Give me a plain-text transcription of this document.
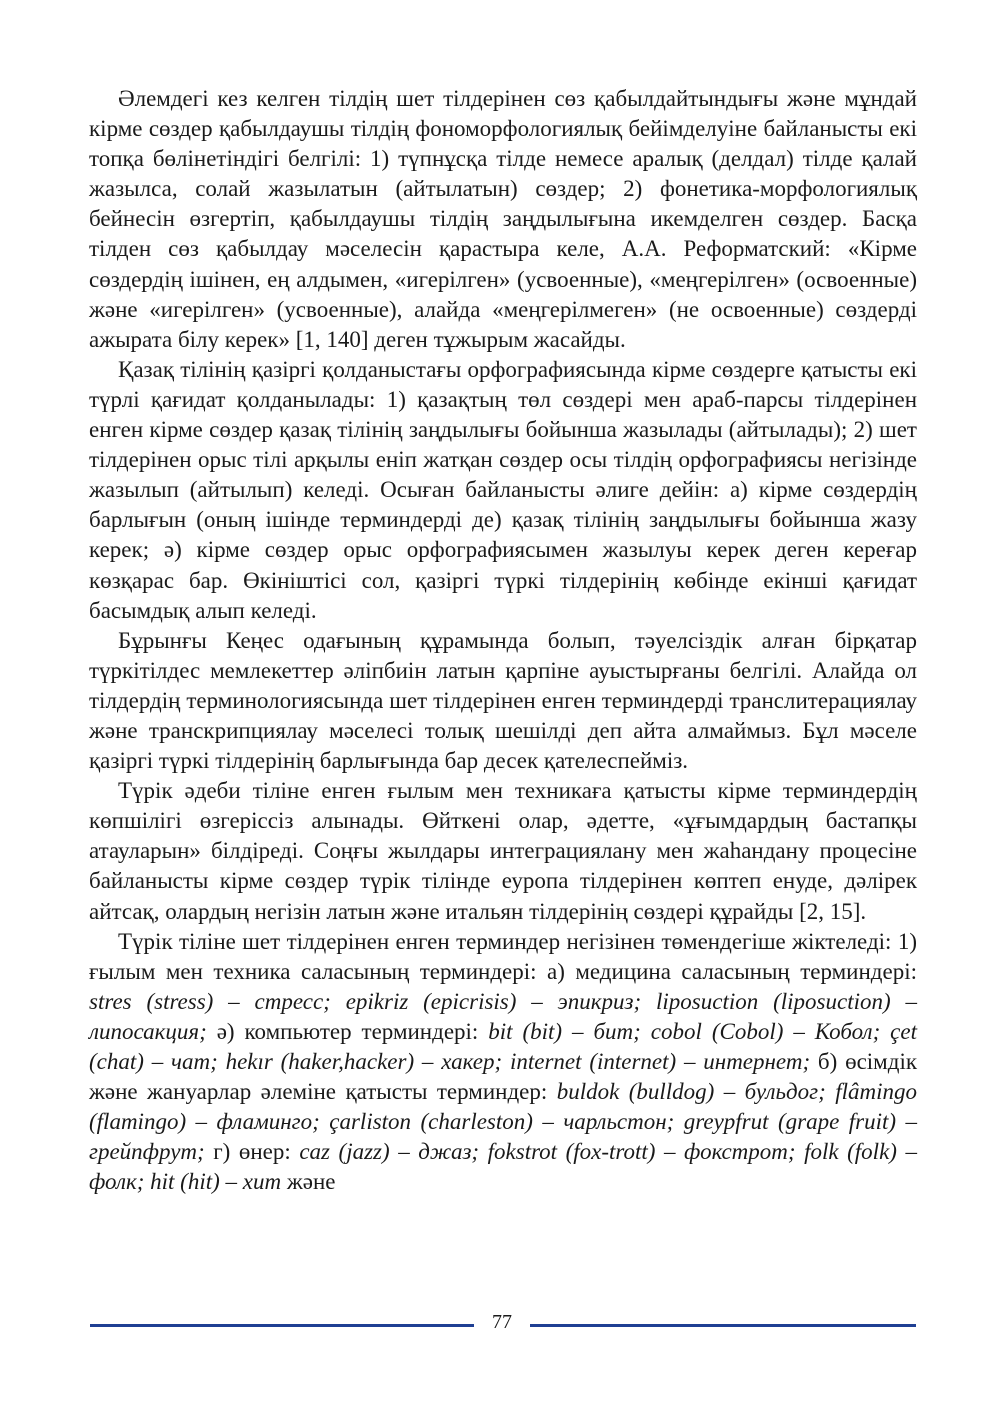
Әлемдегі кез келген тілдің шет тілдерінен сөз қабылдайтындығы және мұндай кірме сөздер қабылдаушы тілдің фономорфологиялық бейімделуіне байланысты екі топқа бөлінетіндігі белгілі: 1) түпнұсқа тілде немесе аралық (делдал) тілде қалай жазылса, солай жазылатын (айтылатын) сөздер; 2) фонетика-морфологиялық бейнесін өзгертіп, қабылдаушы тілдің заңдылығына икемделген сөздер. Басқа тілден сөз қабылдау мәселесін қарастыра келе, А.А. Реформатский: «Кірме сөздердің ішінен, ең алдымен, «игерілген» (усвоенные), «меңгерілген» (освоенные) және «игерілген» (усвоенные), алайда «меңгерілмеген» (не освоенные) сөздерді ажырата білу керек» [1, 140] деген тұжырым жасайды.

Қазақ тілінің қазіргі қолданыстағы орфографиясында кірме сөздерге қатысты екі түрлі қағидат қолданылады: 1) қазақтың төл сөздері мен араб-парсы тілдерінен енген кірме сөздер қазақ тілінің заңдылығы бойынша жазылады (айтылады); 2) шет тілдерінен орыс тілі арқылы еніп жатқан сөздер осы тілдің орфографиясы негізінде жазылып (айтылып) келеді. Осыған байланысты әлиге дейін: а) кірме сөздердің барлығын (оның ішінде терминдерді де) қазақ тілінің заңдылығы бойынша жазу керек; ә) кірме сөздер орыс орфографиясымен жазылуы керек деген кереғар көзқарас бар. Өкініштісі сол, қазіргі түркі тілдерінің көбінде екінші қағидат басымдық алып келеді.

Бұрынғы Кеңес одағының құрамында болып, тәуелсіздік алған бірқатар түркітілдес мемлекеттер әліпбиін латын қарпіне ауыстырғаны белгілі. Алайда ол тілдердің терминологиясында шет тілдерінен енген терминдерді транслитерациялау және транскрипциялау мәселесі толық шешілді деп айта алмаймыз. Бұл мәселе қазіргі түркі тілдерінің барлығында бар десек қателеспейміз.

Түрік әдеби тіліне енген ғылым мен техникаға қатысты кірме терминдердің көпшілігі өзгеріссіз алынады. Өйткені олар, әдетте, «ұғымдардың бастапқы атауларын» білдіреді. Соңғы жылдары интеграциялану мен жаһандану процесіне байланысты кірме сөздер түрік тілінде еуропа тілдерінен көптеп енуде, дәлірек айтсақ, олардың негізін латын және итальян тілдерінің сөздері құрайды [2, 15].

Түрік тіліне шет тілдерінен енген терминдер негізінен төмендегіше жіктеледі: 1) ғылым мен техника саласының терминдері: а) медицина саласының терминдері: stres (stress) – стресс; epikriz (epicrisis) – эпикриз; liposuction (liposuction) – липосакция; ә) компьютер терминдері: bit (bit) – бит; cobol (Cobol) – Кобол; çet (chat) – чат; hekır (haker,hacker) – хакер; internet (internet) – интернет; б) өсімдік және жануарлар әлеміне қатысты терминдер: buldok (bulldog) – бульдог; flâmingo (flamingo) – фламинго; çarliston (charleston) – чарльстон; greypfrut (grape fruit) – грейпфрут; г) өнер: caz (jazz) – джаз; fokstrot (fox-trott) – фокстрот; folk (folk) – фолк; hit (hit) – хит және

77
